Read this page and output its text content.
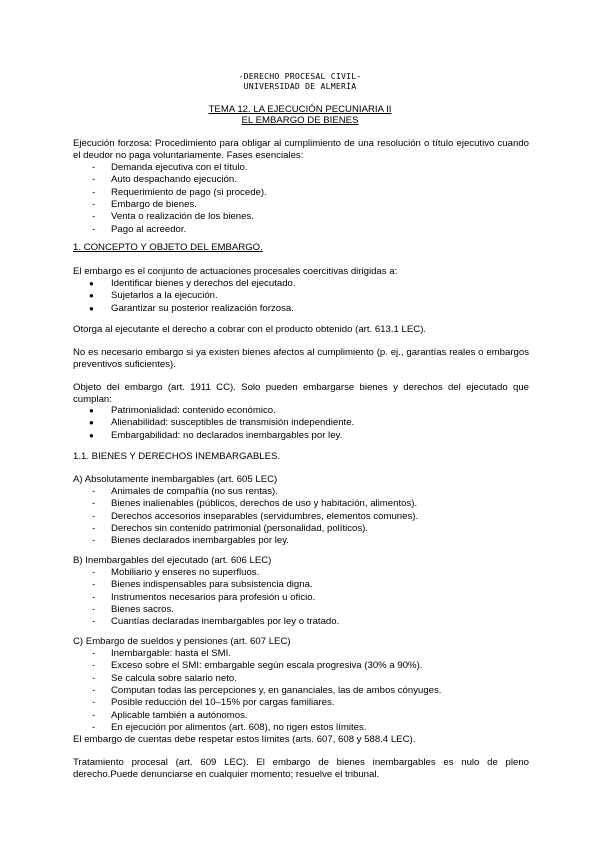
-DERECHO PROCESAL CIVIL-
UNIVERSIDAD DE ALMERÍA
TEMA 12. LA EJECUCIÓN PECUNIARIA II
EL EMBARGO DE BIENES

Ejecución forzosa: Procedimiento para obligar al cumplimiento de una resolución o título ejecutivo cuando el deudor no paga voluntariamente. Fases esenciales:

- Demanda ejecutiva con el título.
- Auto despachando ejecución.
- Requerimiento de pago (si procede).
- Embargo de bienes.
- Venta o realización de los bienes.
- Pago al acreedor.
1. CONCEPTO Y OBJETO DEL EMBARGO.
El embargo es el conjunto de actuaciones procesales coercitivas dirigidas a:
● Identificar bienes y derechos del ejecutado.
● Sujetarlos a la ejecución.
● Garantizar su posterior realización forzosa.
Otorga al ejecutante el derecho a cobrar con el producto obtenido (art. 613.1 LEC).
No es necesario embargo si ya existen bienes afectos al cumplimiento (p. ej., garantías reales o embargos preventivos suficientes).
Objeto del embargo (art. 1911 CC). Solo pueden embargarse bienes y derechos del ejecutado que cumplan:
● Patrimonialidad: contenido económico.
● Alienabilidad: susceptibles de transmisión independiente.
● Embargabilidad: no declarados inembargables por ley.
1.1. BIENES Y DERECHOS INEMBARGABLES.
A) Absolutamente inembargables (art. 605 LEC)
- Animales de compañía (no sus rentas).
- Bienes inalienables (públicos, derechos de uso y habitación, alimentos).
- Derechos accesorios inseparables (servidumbres, elementos comunes).
- Derechos sin contenido patrimonial (personalidad, políticos).
- Bienes declarados inembargables por ley.
B) Inembargables del ejecutado (art. 606 LEC)
- Mobiliario y enseres no superfluos.
- Bienes indispensables para subsistencia digna.
- Instrumentos necesarios para profesión u oficio.
- Bienes sacros.
- Cuantías declaradas inembargables por ley o tratado.
C) Embargo de sueldos y pensiones (art. 607 LEC)
- Inembargable: hasta el SMI.
- Exceso sobre el SMI: embargable según escala progresiva (30% a 90%).
- Se calcula sobre salario neto.
- Computan todas las percepciones y, en gananciales, las de ambos cónyuges.
- Posible reducción del 10–15% por cargas familiares.
- Aplicable también a autónomos.
- En ejecución por alimentos (art. 608), no rigen estos límites.
El embargo de cuentas debe respetar estos límites (arts. 607, 608 y 588.4 LEC).
Tratamiento procesal (art. 609 LEC). El embargo de bienes inembargables es nulo de pleno derecho.Puede denunciarse en cualquier momento; resuelve el tribunal.
